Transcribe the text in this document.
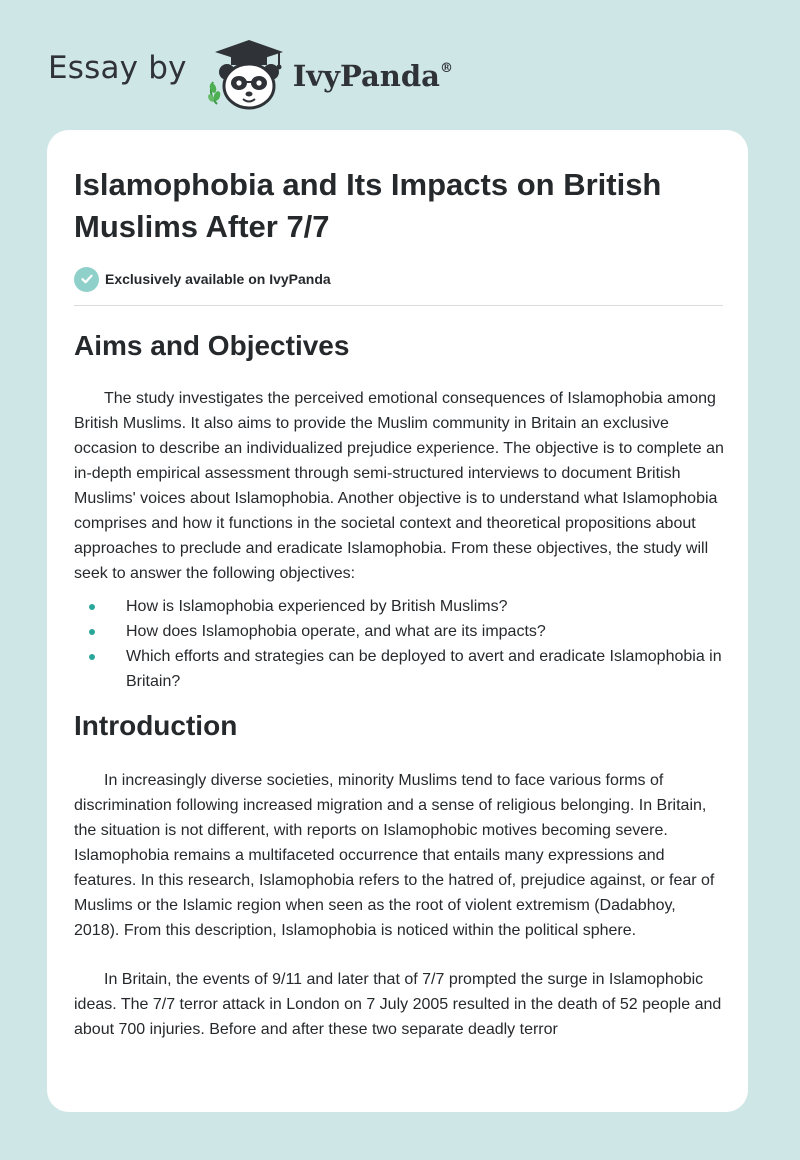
Essay by	IvyPanda®
Islamophobia and Its Impacts on British Muslims After 7/7
Exclusively available on IvyPanda
Aims and Objectives

The study investigates the perceived emotional consequences of Islamophobia among British Muslims. It also aims to provide the Muslim community in Britain an exclusive occasion to describe an individualized prejudice experience. The objective is to complete an in-depth empirical assessment through semi-structured interviews to document British Muslims' voices about Islamophobia. Another objective is to understand what Islamophobia comprises and how it functions in the societal context and theoretical propositions about approaches to preclude and eradicate Islamophobia. From these objectives, the study will seek to answer the following objectives:

How is Islamophobia experienced by British Muslims?
How does Islamophobia operate, and what are its impacts?
Which efforts and strategies can be deployed to avert and eradicate Islamophobia in Britain?
Introduction

In increasingly diverse societies, minority Muslims tend to face various forms of discrimination following increased migration and a sense of religious belonging. In Britain, the situation is not different, with reports on Islamophobic motives becoming severe. Islamophobia remains a multifaceted occurrence that entails many expressions and features. In this research, Islamophobia refers to the hatred of, prejudice against, or fear of Muslims or the Islamic region when seen as the root of violent extremism (Dadabhoy, 2018). From this description, Islamophobia is noticed within the political sphere.

In Britain, the events of 9/11 and later that of 7/7 prompted the surge in Islamophobic ideas. The 7/7 terror attack in London on 7 July 2005 resulted in the death of 52 people and about 700 injuries. Before and after these two separate deadly terror
